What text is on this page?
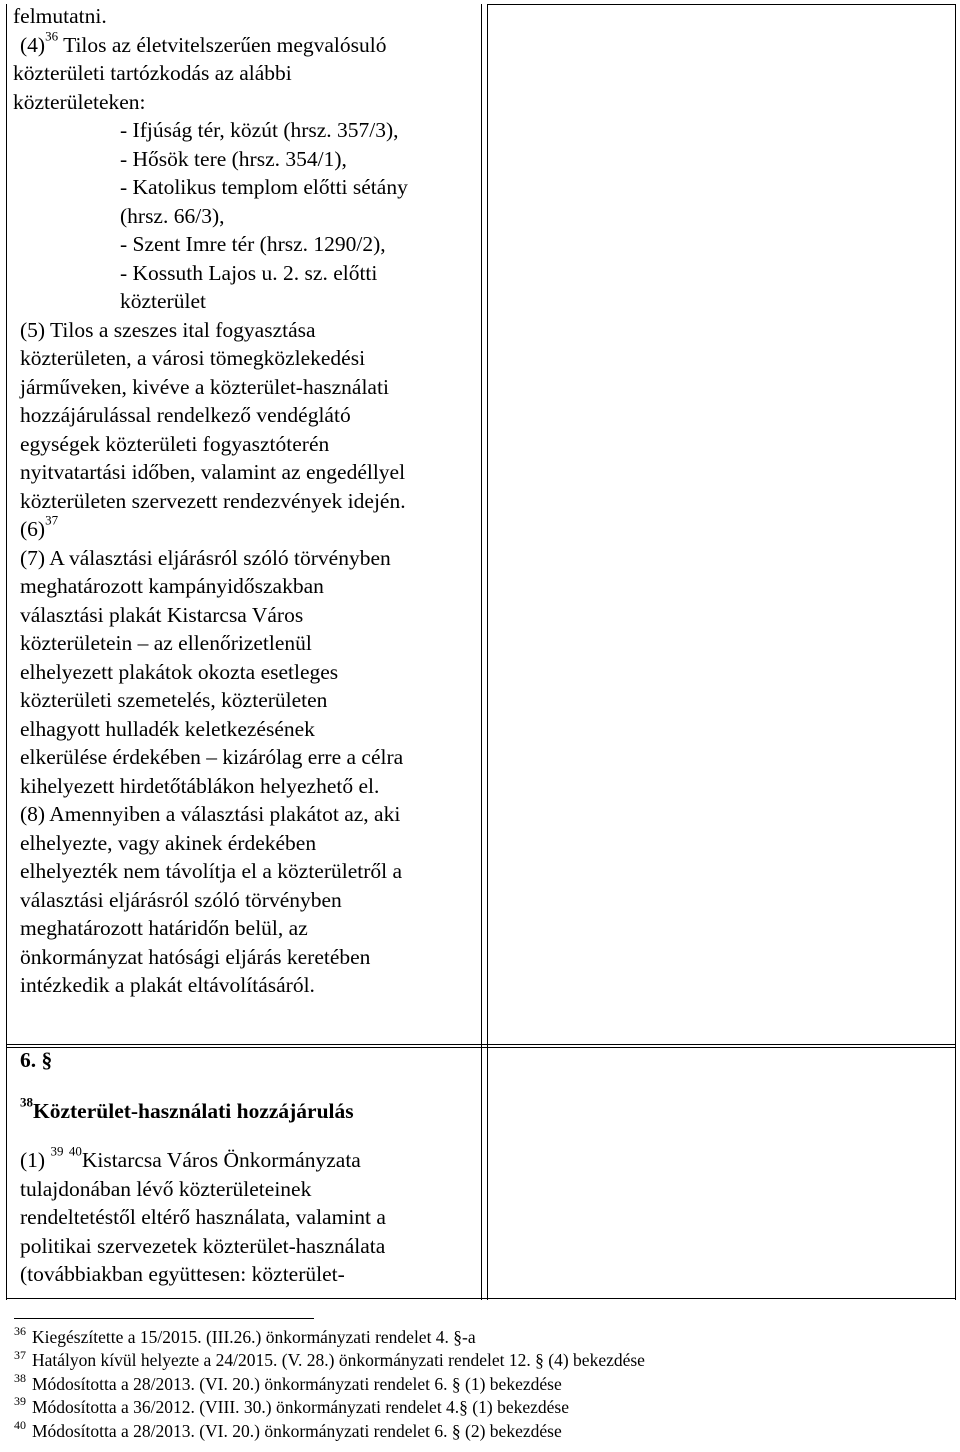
felmutatni.

$(4)^{36}$ Tilos az életvitelszerűen megvalósuló

közterületi tartózkodás az alábbi

közterületeken:

- Ifjúság tér, közút (hrsz. 357/3),

- Hősök tere (hrsz. 354/1),

- Katolikus templom előtti sétány

(hrsz. 66/3),

- Szent Imre tér (hrsz. 1290/2),

- Kossuth Lajos u. 2. sz. előtti

közterület

(5) Tilos a szeszes ital fogyasztása

közterületen, a városi tömegközlekedési

járműveken, kivéve a közterület-használati

hozzájárulással rendelkező vendéglátó

egységek közterületi fogyasztóterén

nyitvatartási időben, valamint az engedéllyel

közterületen szervezett rendezvények idején.

$(6)^{37}$

(7) A választási eljárásról szóló törvényben

meghatározott kampányidőszakban

választási plakát Kistarcsa Város

közterületein – az ellenőrizetlenül

elhelyezett plakátok okozta esetleges

közterületi szemetelés, közterületen

elhagyott hulladék keletkezésének

elkerülése érdekében – kizárólag erre a célra

kihelyezett hirdetőtáblákon helyezhető el.

(8) Amennyiben a választási plakátot az, aki

elhelyezte, vagy akinek érdekében

elhelyezték nem távolítja el a közterületről a

választási eljárásról szóló törvényben

meghatározott határidőn belül, az

önkormányzat hatósági eljárás keretében

intézkedik a plakát eltávolításáról.

6. §

$^{38}$Közterület-használati hozzájárulás

(1) $^{39}$ $^{40}$Kistarcsa Város Önkormányzata

tulajdonában lévő közterületeinek

rendeltetéstől eltérő használata, valamint a

politikai szervezetek közterület-használata

(továbbiakban együttesen: közterület-

$^{36}$ Kiegészítette a 15/2015. (III.26.) önkormányzati rendelet 4. §-a
$^{37}$ Hatályon kívül helyezte a 24/2015. (V. 28.) önkormányzati rendelet 12. § (4) bekezdése
$^{38}$ Módosította a 28/2013. (VI. 20.) önkormányzati rendelet 6. § (1) bekezdése
$^{39}$ Módosította a 36/2012. (VIII. 30.) önkormányzati rendelet 4.§ (1) bekezdése
$^{40}$ Módosította a 28/2013. (VI. 20.) önkormányzati rendelet 6. § (2) bekezdése
